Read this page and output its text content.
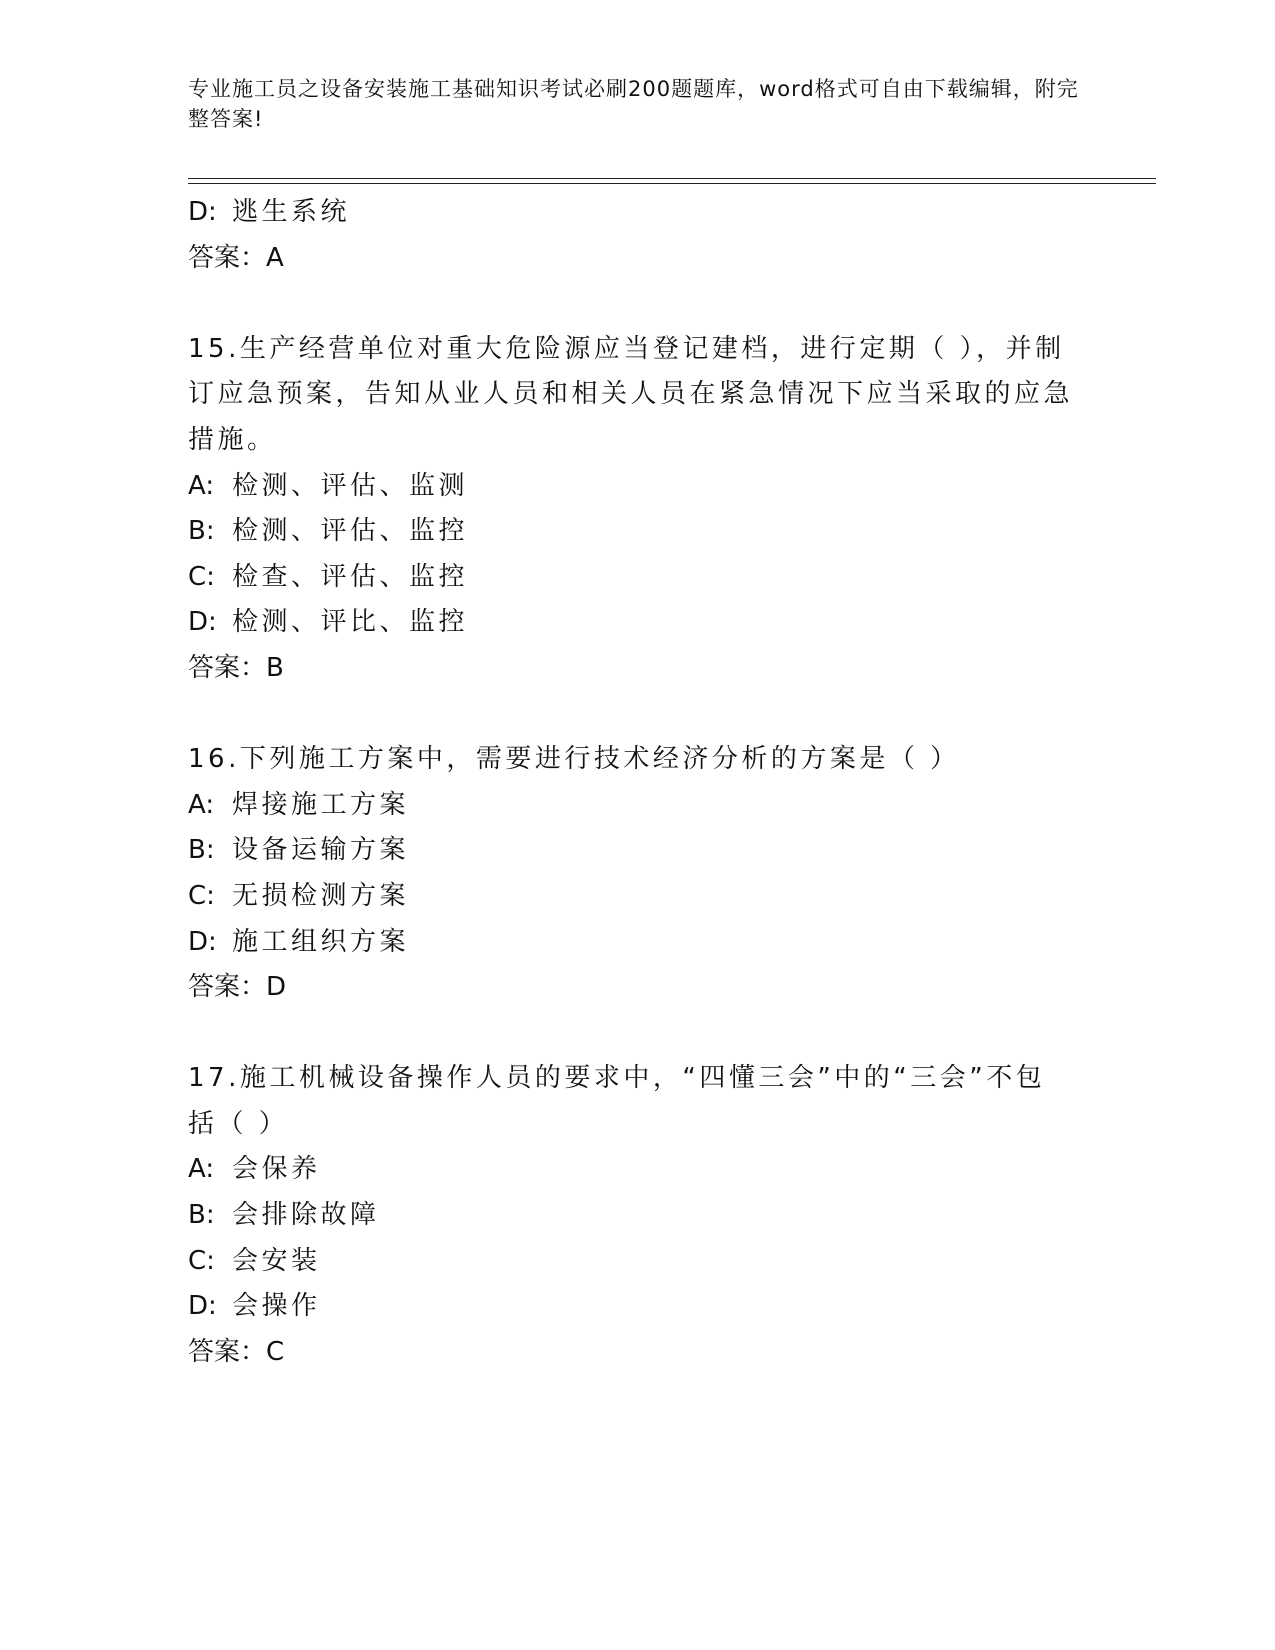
专业施工员之设备安装施工基础知识考试必刷200题题库，word格式可自由下载编辑，附完整答案!

D: 逃生系统
答案：A
15.生产经营单位对重大危险源应当登记建档，进行定期（ ），并制
订应急预案，告知从业人员和相关人员在紧急情况下应当采取的应急
措施。
A: 检测、评估、监测
B: 检测、评估、监控
C: 检查、评估、监控
D: 检测、评比、监控
答案：B
16.下列施工方案中，需要进行技术经济分析的方案是（ ）
A: 焊接施工方案
B: 设备运输方案
C: 无损检测方案
D: 施工组织方案
答案：D
17.施工机械设备操作人员的要求中，“四懂三会”中的“三会”不包
括（ ）
A: 会保养
B: 会排除故障
C: 会安装
D: 会操作
答案：C
